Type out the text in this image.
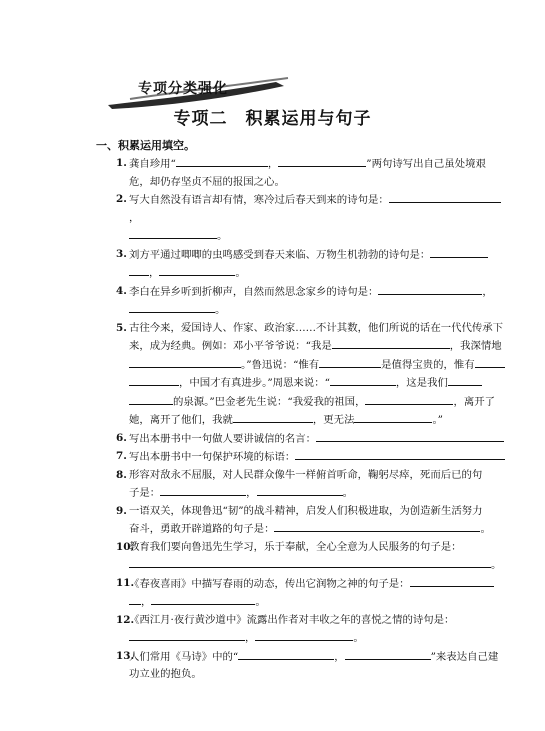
专项分类强化
专项二　积累运用与句子
一、积累运用填空。
1. 龚自珍用“	，	”两句诗写出自己虽处境艰
危，却仍存坚贞不屈的报国之心。
2. 写大自然没有语言却有情，寒冷过后春天到来的诗句是：，
。
3. 刘方平通过唧唧的虫鸣感受到春天来临、万物生机勃勃的诗句是：
，	。
4. 李白在异乡听到折柳声，自然而然思念家乡的诗句是：	，
。
5. 古往今来，爱国诗人、作家、政治家……不计其数，他们所说的话在一代代传承下
来，成为经典。例如：邓小平爷爷说：“我是	，我深情地
。”鲁迅说：“惟有	是值得宝贵的，惟有
，中国才有真进步。”周恩来说：“	，这是我们
的泉源。”巴金老先生说：“我爱我的祖国，	，离开了
她，离开了他们，我就	，更无法	。”
6. 写出本册书中一句做人要讲诚信的名言：
7. 写出本册书中一句保护环境的标语：
8. 形容对敌永不屈服，对人民群众像牛一样俯首听命，鞠躬尽瘁，死而后已的句
子是：	，	。
9. 一语双关，体现鲁迅“韧”的战斗精神，启发人们积极进取，为创造新生活努力
奋斗，勇敢开辟道路的句子是：	。
10.
教育我们要向鲁迅先生学习，乐于奉献，全心全意为人民服务的句子是：
。
11.
《春夜喜雨》中描写春雨的动态，传出它润物之神的句子是：
，	。
12.
《西江月·夜行黄沙道中》流露出作者对丰收之年的喜悦之情的诗句是：
，	。
13.
人们常用《马诗》中的“	，	”来表达自己建
功立业的抱负。
